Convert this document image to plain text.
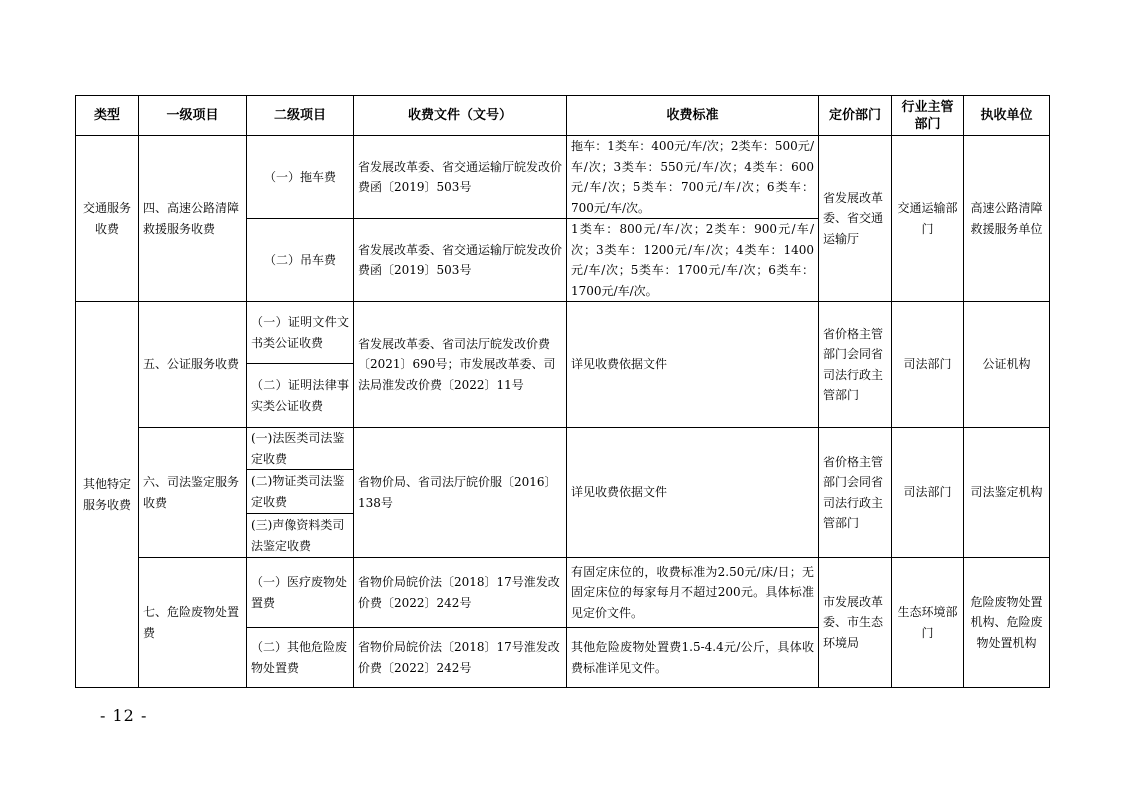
类型	一级项目	二级项目	收费文件（文号）	收费标准	定价部门	行业主管部门	执收单位
交通服务收费	四、高速公路清障救援服务收费	（一）拖车费	省发展改革委、省交通运输厅皖发改价费函〔2019〕503号	拖车：1类车：400元/车/次；2类车：500元/车/次；3类车：550元/车/次；4类车：600元/车/次；5类车：700元/车/次；6类车：700元/车/次。	省发展改革委、省交通运输厅	交通运输部门	高速公路清障救援服务单位
		（二）吊车费	省发展改革委、省交通运输厅皖发改价费函〔2019〕503号	1类车：800元/车/次；2类车：900元/车/次；3类车：1200元/车/次；4类车：1400元/车/次；5类车：1700元/车/次；6类车：1700元/车/次。			
其他特定服务收费	五、公证服务收费	（一）证明文件文书类公证收费	省发展改革委、省司法厅皖发改价费〔2021〕690号；市发展改革委、司法局淮发改价费〔2022〕11号	详见收费依据文件	省价格主管部门会同省司法行政主管部门	司法部门	公证机构
		（二）证明法律事实类公证收费					
	六、司法鉴定服务收费	(一)法医类司法鉴定收费	省物价局、省司法厅皖价服〔2016〕138号	详见收费依据文件	省价格主管部门会同省司法行政主管部门	司法部门	司法鉴定机构
		(二)物证类司法鉴定收费					
		(三)声像资料类司法鉴定收费					
	七、危险废物处置费	（一）医疗废物处置费	省物价局皖价法〔2018〕17号淮发改价费〔2022〕242号	有固定床位的，收费标准为2.50元/床/日；无固定床位的每家每月不超过200元。具体标准见定价文件。	市发展改革委、市生态环境局	生态环境部门	危险废物处置机构、危险废物处置机构
		（二）其他危险废物处置费	省物价局皖价法〔2018〕17号淮发改价费〔2022〕242号	其他危险废物处置费1.5-4.4元/公斤，具体收费标准详见文件。			
- 12 -
